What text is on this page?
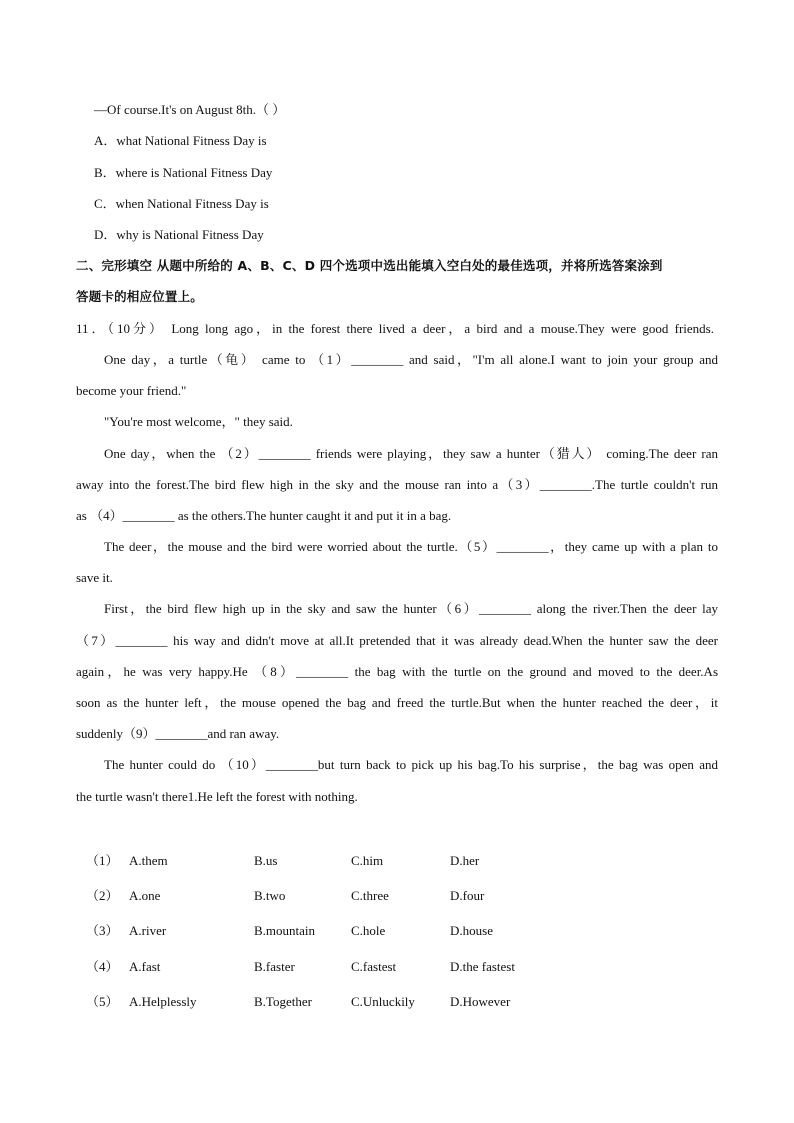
—Of course.It's on August 8th.（ ）
A．what National Fitness Day is
B．where is National Fitness Day
C．when National Fitness Day is
D．why is National Fitness Day
二、完形填空 从题中所给的 A、B、C、D 四个选项中选出能填入空白处的最佳选项，并将所选答案涂到
答题卡的相应位置上。
11．（10分） Long long ago，in the forest there lived a deer，a bird and a mouse.They were good friends.
One day，a turtle（龟） came to （1）________ and said，"I'm all alone.I want to join your group and
become your friend."
"You're most welcome，" they said.
One day，when the （2）________ friends were playing，they saw a hunter（猎人） coming.The deer ran
away into the forest.The bird flew high in the sky and the mouse ran into a（3）________.The turtle couldn't run
as （4）________ as the others.The hunter caught it and put it in a bag.
The deer，the mouse and the bird were worried about the turtle.（5）________，they came up with a plan to
save it.
First，the bird flew high up in the sky and saw the hunter（6）________ along the river.Then the deer lay
（7）________ his way and didn't move at all.It pretended that it was already dead.When the hunter saw the deer
again，he was very happy.He （8）________ the bag with the turtle on the ground and moved to the deer.As
soon as the hunter left，the mouse opened the bag and freed the turtle.But when the hunter reached the deer，it
suddenly（9）________and ran away.
The hunter could do （10）________but turn back to pick up his bag.To his surprise，the bag was open and
the turtle wasn't there1.He left the forest with nothing.
（1） A.them	B.us	C.him	D.her
（2） A.one	B.two	C.three	D.four
（3） A.river	B.mountain	C.hole	D.house
（4） A.fast	B.faster	C.fastest	D.the fastest
（5） A.Helplessly	B.Together	C.Unluckily	D.However
